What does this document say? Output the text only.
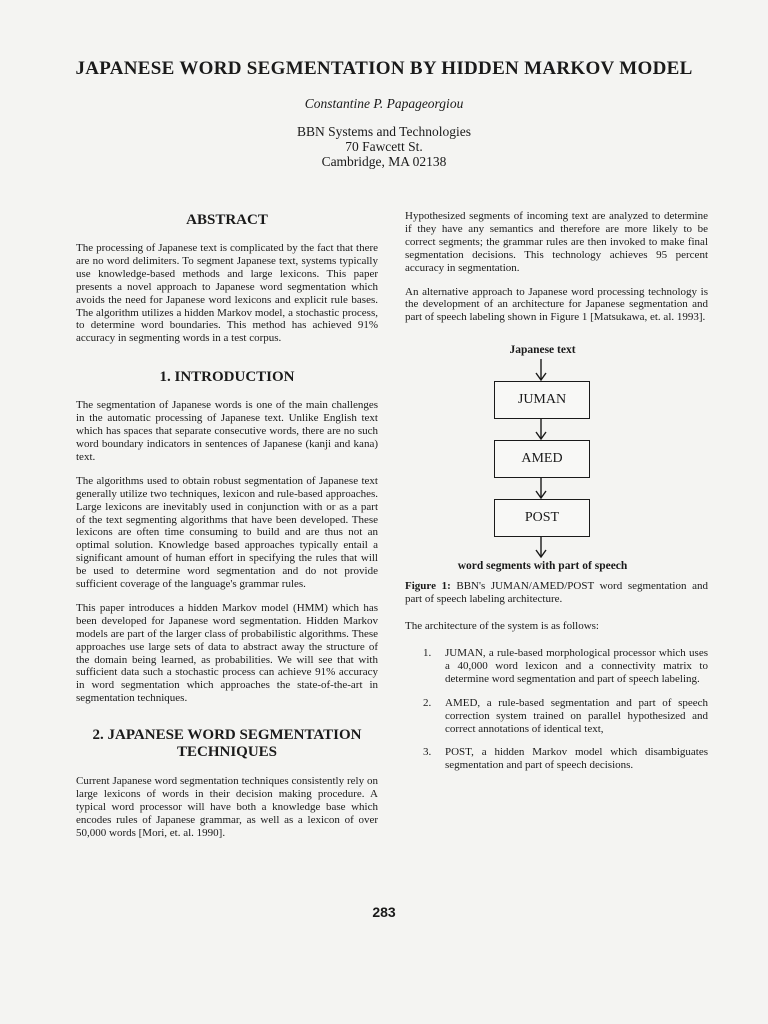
JAPANESE WORD SEGMENTATION BY HIDDEN MARKOV MODEL
Constantine P. Papageorgiou
BBN Systems and Technologies
70 Fawcett St.
Cambridge, MA 02138
ABSTRACT

The processing of Japanese text is complicated by the fact that there are no word delimiters. To segment Japanese text, systems typically use knowledge-based methods and large lexicons. This paper presents a novel approach to Japanese word segmentation which avoids the need for Japanese word lexicons and explicit rule bases. The algorithm utilizes a hidden Markov model, a stochastic process, to determine word boundaries. This method has achieved 91% accuracy in segmenting words in a test corpus.

1. INTRODUCTION

The segmentation of Japanese words is one of the main challenges in the automatic processing of Japanese text. Unlike English text which has spaces that separate consecutive words, there are no such word boundary indicators in sentences of Japanese (kanji and kana) text.

The algorithms used to obtain robust segmentation of Japanese text generally utilize two techniques, lexicon and rule-based approaches. Large lexicons are inevitably used in conjunction with or as a part of the text segmenting algorithms that have been developed. These lexicons are often time consuming to build and are thus not an optimal solution. Knowledge based approaches typically entail a significant amount of human effort in specifying the rules that will be used to determine word segmentation and do not provide sufficient coverage of the language's grammar rules.

This paper introduces a hidden Markov model (HMM) which has been developed for Japanese word segmentation. Hidden Markov models are part of the larger class of probabilistic algorithms. These approaches use large sets of data to abstract away the structure of the domain being learned, as probabilities. We will see that with sufficient data such a stochastic process can achieve 91% accuracy in word segmentation which approaches the state-of-the-art in segmentation techniques.

2. JAPANESE WORD SEGMENTATION
TECHNIQUES

Current Japanese word segmentation techniques consistently rely on large lexicons of words in their decision making procedure. A typical word processor will have both a knowledge base which encodes rules of Japanese grammar, as well as a lexicon of over 50,000 words [Mori, et. al. 1990].

Hypothesized segments of incoming text are analyzed to determine if they have any semantics and therefore are more likely to be correct segments; the grammar rules are then invoked to make final segmentation decisions. This technology achieves 95 percent accuracy in segmentation.

An alternative approach to Japanese word processing technology is the development of an architecture for Japanese segmentation and part of speech labeling shown in Figure 1 [Matsukawa, et. al. 1993].

Japanese text
JUMAN
AMED
POST
word segments with part of speech

Figure 1: BBN's JUMAN/AMED/POST word segmentation and part of speech labeling architecture.

The architecture of the system is as follows:

1. JUMAN, a rule-based morphological processor which uses a 40,000 word lexicon and a connectivity matrix to determine word segmentation and part of speech labeling.
2. AMED, a rule-based segmentation and part of speech correction system trained on parallel hypothesized and correct annotations of identical text,
3. POST, a hidden Markov model which disambiguates segmentation and part of speech decisions.
283
